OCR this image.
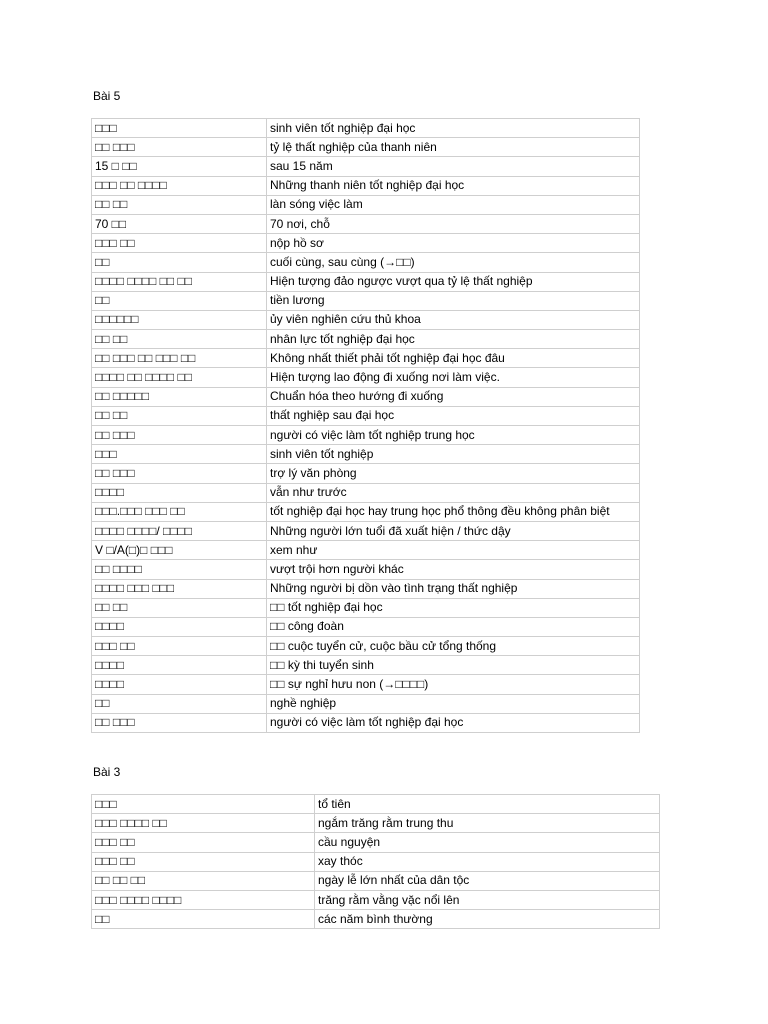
Bài 5
□□□	sinh viên tốt nghiệp đại học
□□ □□□	tỷ lệ thất nghiệp của thanh niên
15 □ □□	sau 15 năm
□□□ □□ □□□□	Những thanh niên tốt nghiệp đại học
□□ □□	làn sóng việc làm
70 □□	70 nơi, chỗ
□□□ □□	nộp hồ sơ
□□	cuối cùng, sau cùng (→□□)
□□□□ □□□□ □□ □□	Hiện tượng đảo ngược vượt qua tỷ lệ thất nghiệp
□□	tiền lương
□□□□□□	ủy viên nghiên cứu thủ khoa
□□ □□	nhân lực tốt nghiệp đại học
□□ □□□ □□ □□□ □□	Không nhất thiết phải tốt nghiệp đại học đâu
□□□□ □□ □□□□ □□	Hiện tượng lao động đi xuống nơi làm việc.
□□ □□□□□	Chuẩn hóa theo hướng đi xuống
□□ □□	thất nghiệp sau đại học
□□ □□□	người có việc làm tốt nghiệp trung học
□□□	sinh viên tốt nghiệp
□□ □□□	trợ lý văn phòng
□□□□	vẫn như trước
□□□.□□□ □□□ □□	tốt nghiệp đại học hay trung học phổ thông đều không phân biệt
□□□□ □□□□/ □□□□	Những người lớn tuổi đã xuất hiện / thức dậy
V □/A(□)□ □□□	xem như
□□ □□□□	vượt trội hơn người khác
□□□□ □□□ □□□	Những người bị dồn vào tình trạng thất nghiệp
□□ □□	□□ tốt nghiệp đại học
□□□□	□□ công đoàn
□□□ □□	□□ cuộc tuyển cử, cuộc bầu cử tổng thống
□□□□	□□ kỳ thi tuyển sinh
□□□□	□□ sự nghỉ hưu non (→□□□□)
□□	nghề nghiệp
□□ □□□	người có việc làm tốt nghiệp đại học
Bài 3
□□□	tổ tiên
□□□ □□□□ □□	ngắm trăng rằm trung thu
□□□ □□	cầu nguyện
□□□ □□	xay thóc
□□ □□ □□	ngày lễ lớn nhất của dân tộc
□□□ □□□□ □□□□	trăng rằm vằng vặc nổi lên
□□	các năm bình thường
